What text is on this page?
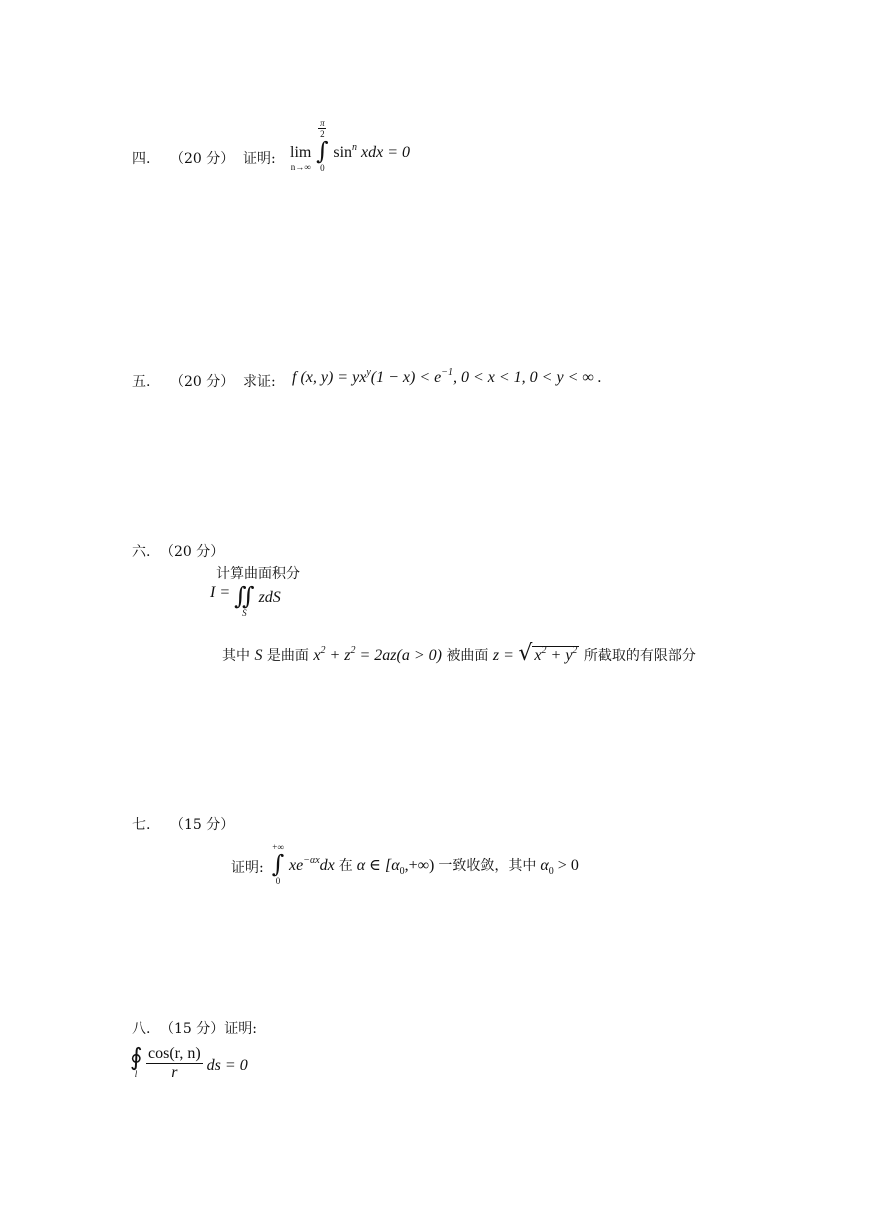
四. （20 分） 证明: lim
n→∞

π
2
∫
0
$\sin^n$ xdx = 0
五. （20 分） 求证: f (x, $y) = yx^y(1 - x) < e^{-1}$, 0 < x < 1, 0 < y < ∞ .
六. （20 分）
计算曲面积分
I = ∬
S
zdS
其中 S 是曲面 $x^2 + z^2 = 2az(a > 0)$ 被曲面 z = √ $x^2 + y^2$ 所截取的有限部分
七. （15 分）
证明:
+∞
∫
0
$xe^{-\alpha x}dx$ 在 α ∈ $[\alpha_0,+\infty)$ 一致收敛，其中 $\alpha_0 > 0$
八. （15 分）证明:
∮
l
$\frac{\cos(r, n)}{r}$ ds = 0
